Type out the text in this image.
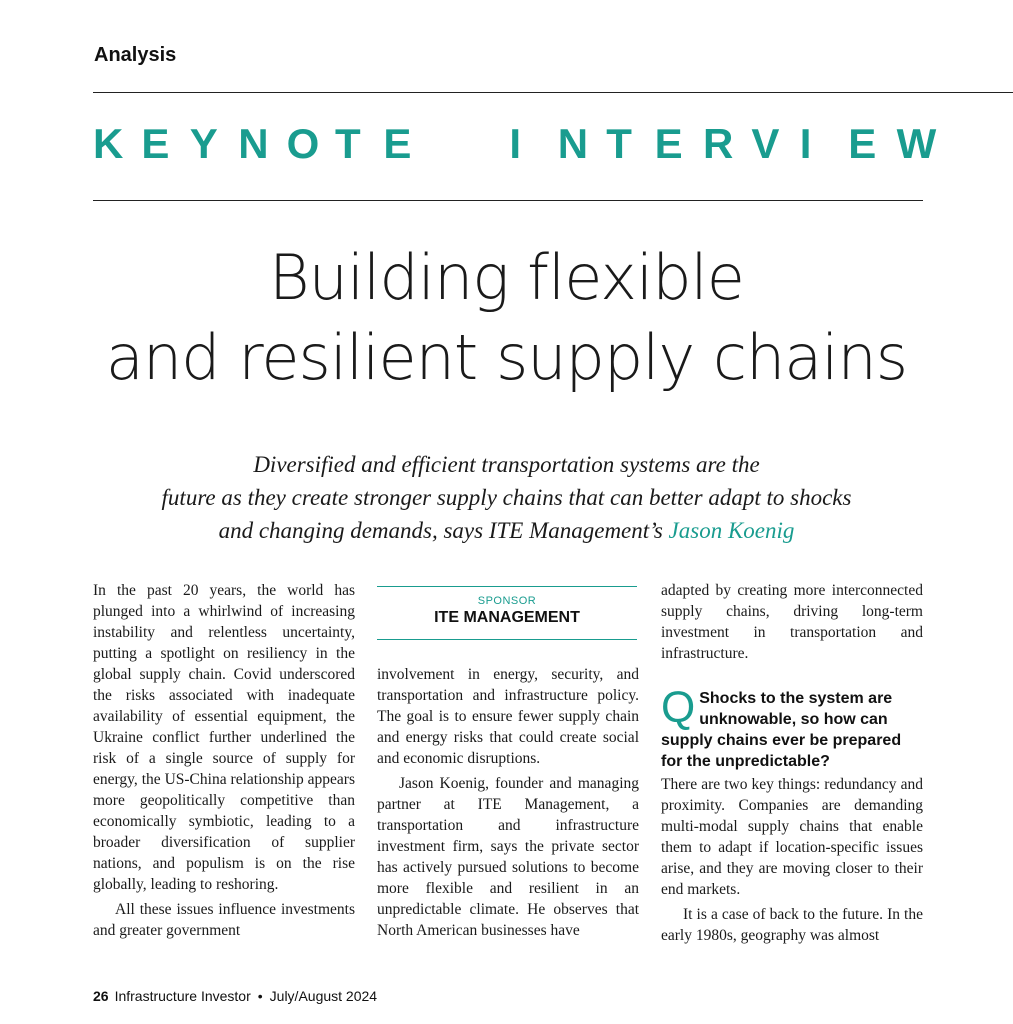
Analysis
K E Y N O T E I N T E R V I E W
Building flexible
and resilient supply chains
Diversified and efficient transportation systems are the
future as they create stronger supply chains that can better adapt to shocks
and changing demands, says ITE Management’s Jason Koenig

In the past 20 years, the world has plunged into a whirlwind of increasing instability and relentless uncertainty, putting a spotlight on resiliency in the global supply chain. Covid underscored the risks associated with inadequate availability of essential equipment, the Ukraine conflict further underlined the risk of a single source of supply for energy, the US-China relationship appears more geopolitically competitive than economically symbiotic, leading to a broader diversification of supplier nations, and populism is on the rise globally, leading to reshoring.

All these issues influence investments and greater government

SPONSOR
ITE MANAGEMENT

involvement in energy, security, and transportation and infrastructure policy. The goal is to ensure fewer supply chain and energy risks that could create social and economic disruptions.

Jason Koenig, founder and managing partner at ITE Management, a transportation and infrastructure investment firm, says the private sector has actively pursued solutions to become more flexible and resilient in an unpredictable climate. He observes that North American businesses have

adapted by creating more interconnected supply chains, driving long-term investment in transportation and infrastructure.

Q Shocks to the system are unknowable, so how can supply chains ever be prepared for the unpredictable?

There are two key things: redundancy and proximity. Companies are demanding multi-modal supply chains that enable them to adapt if location-specific issues arise, and they are moving closer to their end markets.

It is a case of back to the future. In the early 1980s, geography was almost

26 Infrastructure Investor • July/August 2024
